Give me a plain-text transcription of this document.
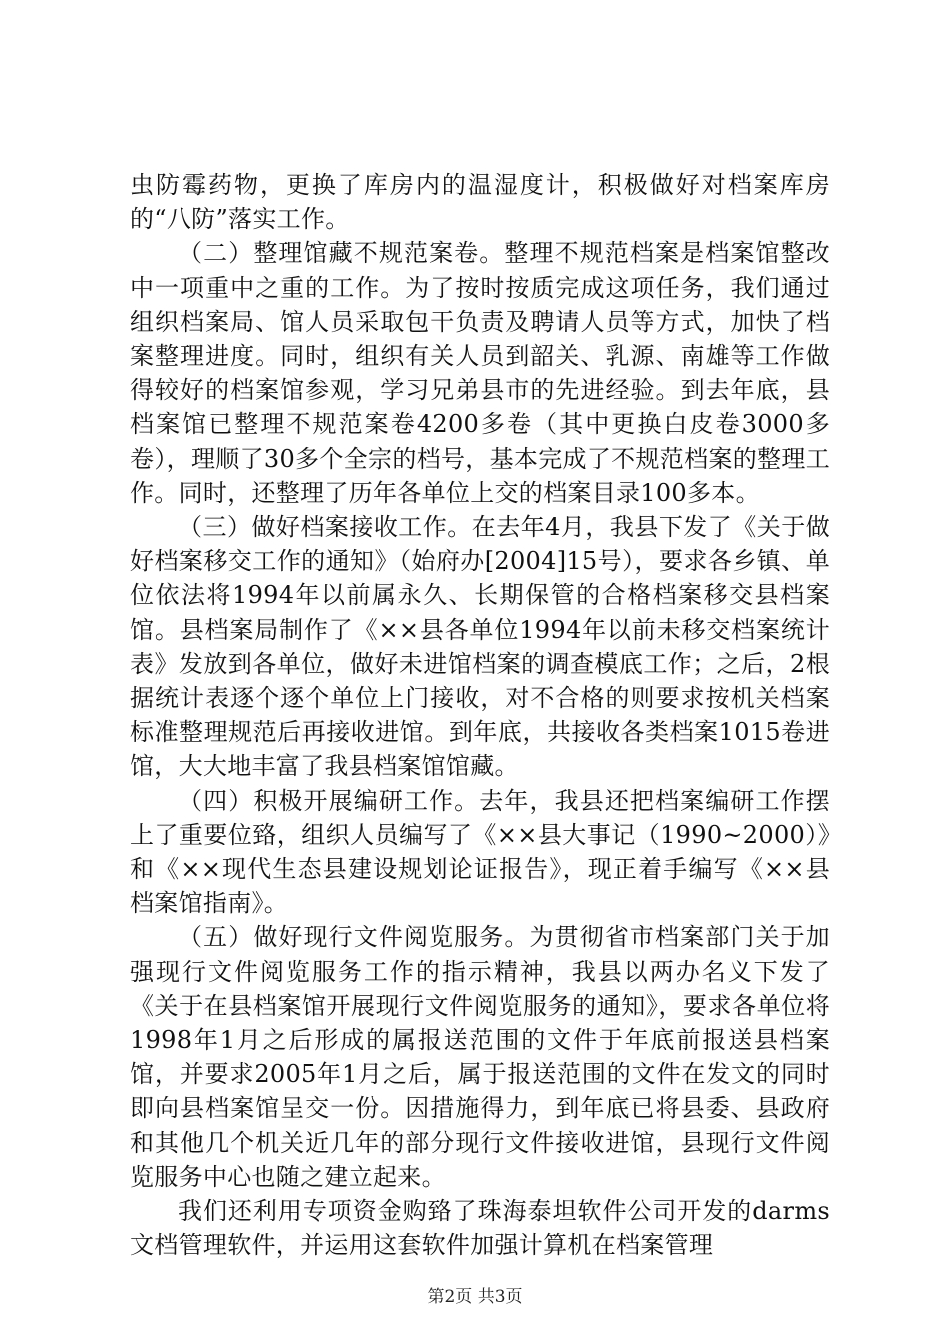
虫防霉药物，更换了库房内的温湿度计，积极做好对档案库房的“八防”落实工作。

（二）整理馆藏不规范案卷。整理不规范档案是档案馆整改中一项重中之重的工作。为了按时按质完成这项任务，我们通过组织档案局、馆人员采取包干负责及聘请人员等方式，加快了档案整理进度。同时，组织有关人员到韶关、乳源、南雄等工作做得较好的档案馆参观，学习兄弟县市的先进经验。到去年底，县档案馆已整理不规范案卷4200多卷（其中更换白皮卷3000多卷），理顺了30多个全宗的档号，基本完成了不规范档案的整理工作。同时，还整理了历年各单位上交的档案目录100多本。

（三）做好档案接收工作。在去年4月，我县下发了《关于做好档案移交工作的通知》（始府办[2004]15号），要求各乡镇、单位依法将1994年以前属永久、长期保管的合格档案移交县档案馆。县档案局制作了《××县各单位1994年以前未移交档案统计表》发放到各单位，做好未进馆档案的调查模底工作；之后，2根据统计表逐个逐个单位上门接收，对不合格的则要求按机关档案标准整理规范后再接收进馆。到年底，共接收各类档案1015卷进馆，大大地丰富了我县档案馆馆藏。

（四）积极开展编研工作。去年，我县还把档案编研工作摆上了重要位臵，组织人员编写了《××县大事记（1990~2000）》和《××现代生态县建设规划论证报告》，现正着手编写《××县档案馆指南》。

（五）做好现行文件阅览服务。为贯彻省市档案部门关于加强现行文件阅览服务工作的指示精神，我县以两办名义下发了《关于在县档案馆开展现行文件阅览服务的通知》，要求各单位将1998年1月之后形成的属报送范围的文件于年底前报送县档案馆，并要求2005年1月之后，属于报送范围的文件在发文的同时即向县档案馆呈交一份。因措施得力，到年底已将县委、县政府和其他几个机关近几年的部分现行文件接收进馆，县现行文件阅览服务中心也随之建立起来。

我们还利用专项资金购臵了珠海泰坦软件公司开发的darms文档管理软件，并运用这套软件加强计算机在档案管理

第2页 共3页
